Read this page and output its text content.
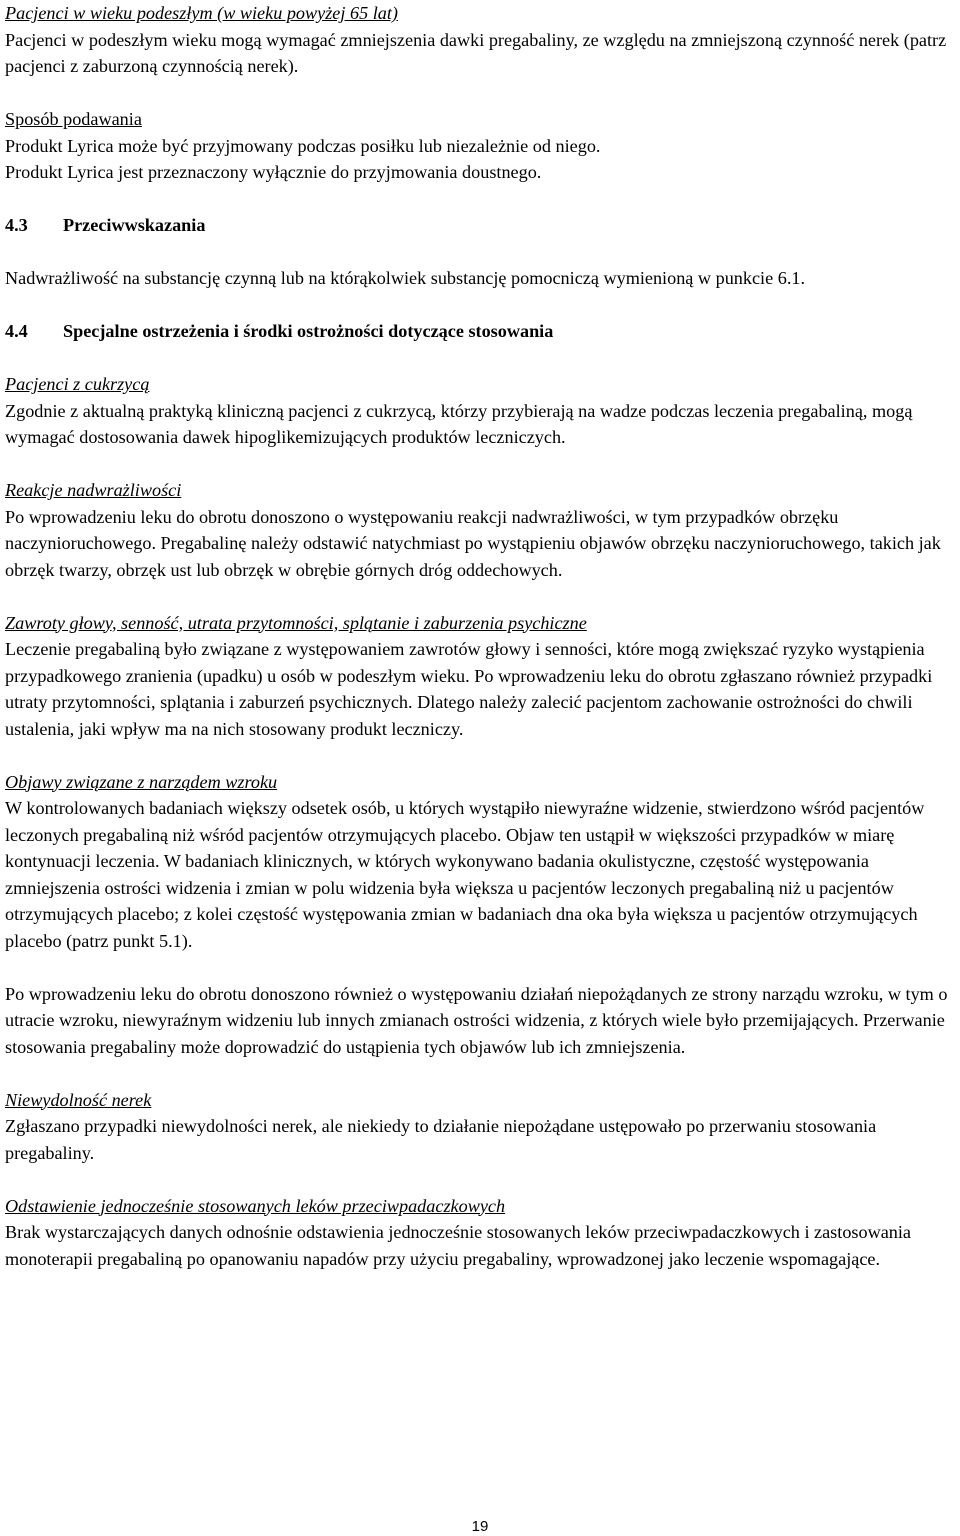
Pacjenci w wieku podeszłym (w wieku powyżej 65 lat)

Pacjenci w podeszłym wieku mogą wymagać zmniejszenia dawki pregabaliny, ze względu na zmniejszoną czynność nerek (patrz pacjenci z zaburzoną czynnością nerek).

Sposób podawania

Produkt Lyrica może być przyjmowany podczas posiłku lub niezależnie od niego.

Produkt Lyrica jest przeznaczony wyłącznie do przyjmowania doustnego.

4.3 Przeciwwskazania

Nadwrażliwość na substancję czynną lub na którąkolwiek substancję pomocniczą wymienioną w punkcie 6.1.

4.4 Specjalne ostrzeżenia i środki ostrożności dotyczące stosowania

Pacjenci z cukrzycą

Zgodnie z aktualną praktyką kliniczną pacjenci z cukrzycą, którzy przybierają na wadze podczas leczenia pregabaliną, mogą wymagać dostosowania dawek hipoglikemizujących produktów leczniczych.

Reakcje nadwrażliwości

Po wprowadzeniu leku do obrotu donoszono o występowaniu reakcji nadwrażliwości, w tym przypadków obrzęku naczynioruchowego. Pregabalinę należy odstawić natychmiast po wystąpieniu objawów obrzęku naczynioruchowego, takich jak obrzęk twarzy, obrzęk ust lub obrzęk w obrębie górnych dróg oddechowych.

Zawroty głowy, senność, utrata przytomności, splątanie i zaburzenia psychiczne

Leczenie pregabaliną było związane z występowaniem zawrotów głowy i senności, które mogą zwiększać ryzyko wystąpienia przypadkowego zranienia (upadku) u osób w podeszłym wieku. Po wprowadzeniu leku do obrotu zgłaszano również przypadki utraty przytomności, splątania i zaburzeń psychicznych. Dlatego należy zalecić pacjentom zachowanie ostrożności do chwili ustalenia, jaki wpływ ma na nich stosowany produkt leczniczy.

Objawy związane z narządem wzroku

W kontrolowanych badaniach większy odsetek osób, u których wystąpiło niewyraźne widzenie, stwierdzono wśród pacjentów leczonych pregabaliną niż wśród pacjentów otrzymujących placebo. Objaw ten ustąpił w większości przypadków w miarę kontynuacji leczenia. W badaniach klinicznych, w których wykonywano badania okulistyczne, częstość występowania zmniejszenia ostrości widzenia i zmian w polu widzenia była większa u pacjentów leczonych pregabaliną niż u pacjentów otrzymujących placebo; z kolei częstość występowania zmian w badaniach dna oka była większa u pacjentów otrzymujących placebo (patrz punkt 5.1).

Po wprowadzeniu leku do obrotu donoszono również o występowaniu działań niepożądanych ze strony narządu wzroku, w tym o utracie wzroku, niewyraźnym widzeniu lub innych zmianach ostrości widzenia, z których wiele było przemijających. Przerwanie stosowania pregabaliny może doprowadzić do ustąpienia tych objawów lub ich zmniejszenia.

Niewydolność nerek

Zgłaszano przypadki niewydolności nerek, ale niekiedy to działanie niepożądane ustępowało po przerwaniu stosowania pregabaliny.

Odstawienie jednocześnie stosowanych leków przeciwpadaczkowych

Brak wystarczających danych odnośnie odstawienia jednocześnie stosowanych leków przeciwpadaczkowych i zastosowania monoterapii pregabaliną po opanowaniu napadów przy użyciu pregabaliny, wprowadzonej jako leczenie wspomagające.

19
